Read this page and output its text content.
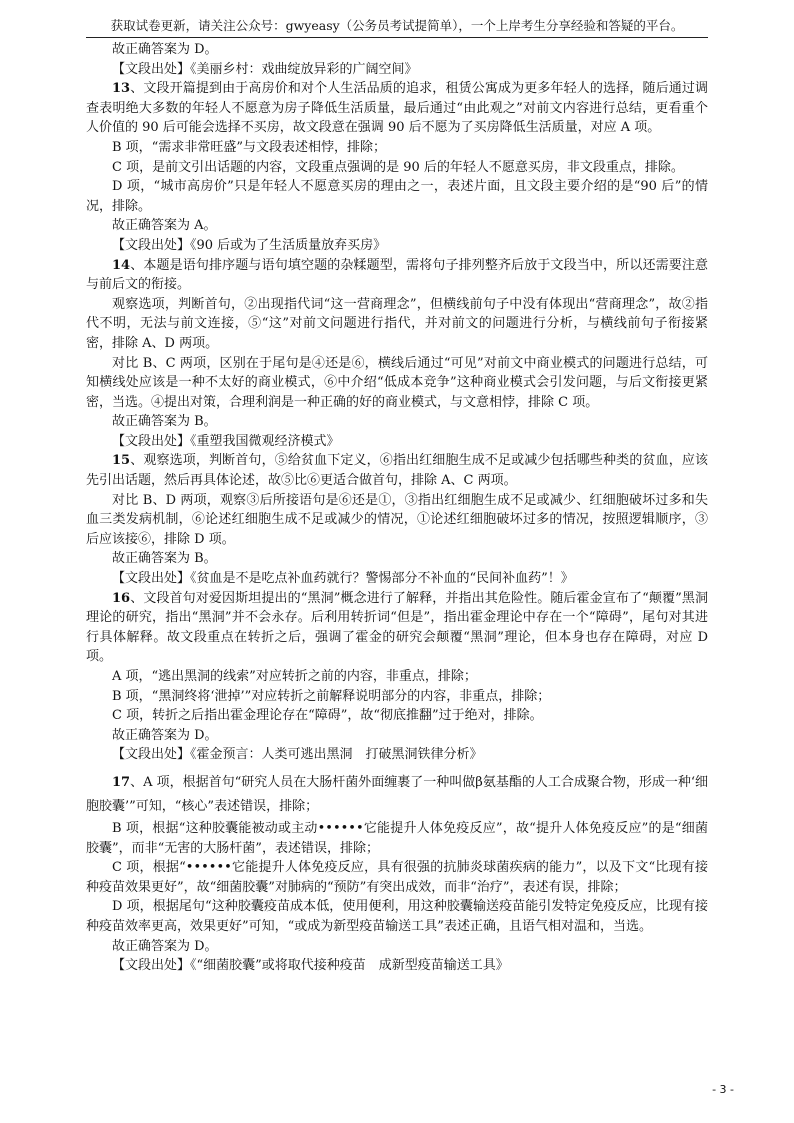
获取试卷更新，请关注公众号：gwyeasy（公务员考试提简单），一个上岸考生分享经验和答疑的平台。

故正确答案为 D。

【文段出处】《美丽乡村：戏曲绽放异彩的广阔空间》

13、文段开篇提到由于高房价和对个人生活品质的追求，租赁公寓成为更多年轻人的选择，随后通过调查表明绝大多数的年轻人不愿意为房子降低生活质量，最后通过“由此观之”对前文内容进行总结，更看重个人价值的 90 后可能会选择不买房，故文段意在强调 90 后不愿为了买房降低生活质量，对应 A 项。

B 项，“需求非常旺盛”与文段表述相悖，排除；

C 项，是前文引出话题的内容，文段重点强调的是 90 后的年轻人不愿意买房，非文段重点，排除。

D 项，“城市高房价”只是年轻人不愿意买房的理由之一，表述片面，且文段主要介绍的是“90 后”的情况，排除。

故正确答案为 A。

【文段出处】《90 后或为了生活质量放弃买房》

14、本题是语句排序题与语句填空题的杂糅题型，需将句子排列整齐后放于文段当中，所以还需要注意与前后文的衔接。

观察选项，判断首句，②出现指代词“这一营商理念”，但横线前句子中没有体现出“营商理念”，故②指代不明，无法与前文连接，⑤“这”对前文问题进行指代，并对前文的问题进行分析，与横线前句子衔接紧密，排除 A、D 两项。

对比 B、C 两项，区别在于尾句是④还是⑥，横线后通过“可见”对前文中商业模式的问题进行总结，可知横线处应该是一种不太好的商业模式，⑥中介绍“低成本竞争”这种商业模式会引发问题，与后文衔接更紧密，当选。④提出对策，合理利润是一种正确的好的商业模式，与文意相悖，排除 C 项。

故正确答案为 B。

【文段出处】《重塑我国微观经济模式》

15、观察选项，判断首句，⑤给贫血下定义，⑥指出红细胞生成不足或减少包括哪些种类的贫血，应该先引出话题，然后再具体论述，故⑤比⑥更适合做首句，排除 A、C 两项。

对比 B、D 两项，观察③后所接语句是⑥还是①，③指出红细胞生成不足或减少、红细胞破坏过多和失血三类发病机制，⑥论述红细胞生成不足或减少的情况，①论述红细胞破坏过多的情况，按照逻辑顺序，③后应该接⑥，排除 D 项。

故正确答案为 B。

【文段出处】《贫血是不是吃点补血药就行？警惕部分不补血的“民间补血药”！》

16、文段首句对爱因斯坦提出的“黑洞”概念进行了解释，并指出其危险性。随后霍金宣布了“颠覆”黑洞理论的研究，指出“黑洞”并不会永存。后利用转折词“但是”，指出霍金理论中存在一个“障碍”，尾句对其进行具体解释。故文段重点在转折之后，强调了霍金的研究会颠覆“黑洞”理论，但本身也存在障碍，对应 D 项。

A 项，“逃出黑洞的线索”对应转折之前的内容，非重点，排除；

B 项，“黑洞终将‘泄掉’”对应转折之前解释说明部分的内容，非重点，排除；

C 项，转折之后指出霍金理论存在“障碍”，故“彻底推翻”过于绝对，排除。

故正确答案为 D。

【文段出处】《霍金预言：人类可逃出黑洞　打破黑洞铁律分析》

17、A 项，根据首句“研究人员在大肠杆菌外面缠裹了一种叫做β氨基酯的人工合成聚合物，形成一种‘细胞胶囊’”可知，“核心”表述错误，排除；

B 项，根据“这种胶囊能被动或主动••••••它能提升人体免疫反应”，故“提升人体免疫反应”的是“细菌胶囊”，而非“无害的大肠杆菌”，表述错误，排除；

C 项，根据“••••••它能提升人体免疫反应，具有很强的抗肺炎球菌疾病的能力”，以及下文“比现有接种疫苗效果更好”，故“细菌胶囊”对肺病的“预防”有突出成效，而非“治疗”，表述有误，排除；

D 项，根据尾句“这种胶囊疫苗成本低，使用便利，用这种胶囊输送疫苗能引发特定免疫反应，比现有接种疫苗效率更高，效果更好”可知，“或成为新型疫苗输送工具”表述正确，且语气相对温和，当选。

故正确答案为 D。

【文段出处】《“细菌胶囊”或将取代接种疫苗　成新型疫苗输送工具》

- 3 -
